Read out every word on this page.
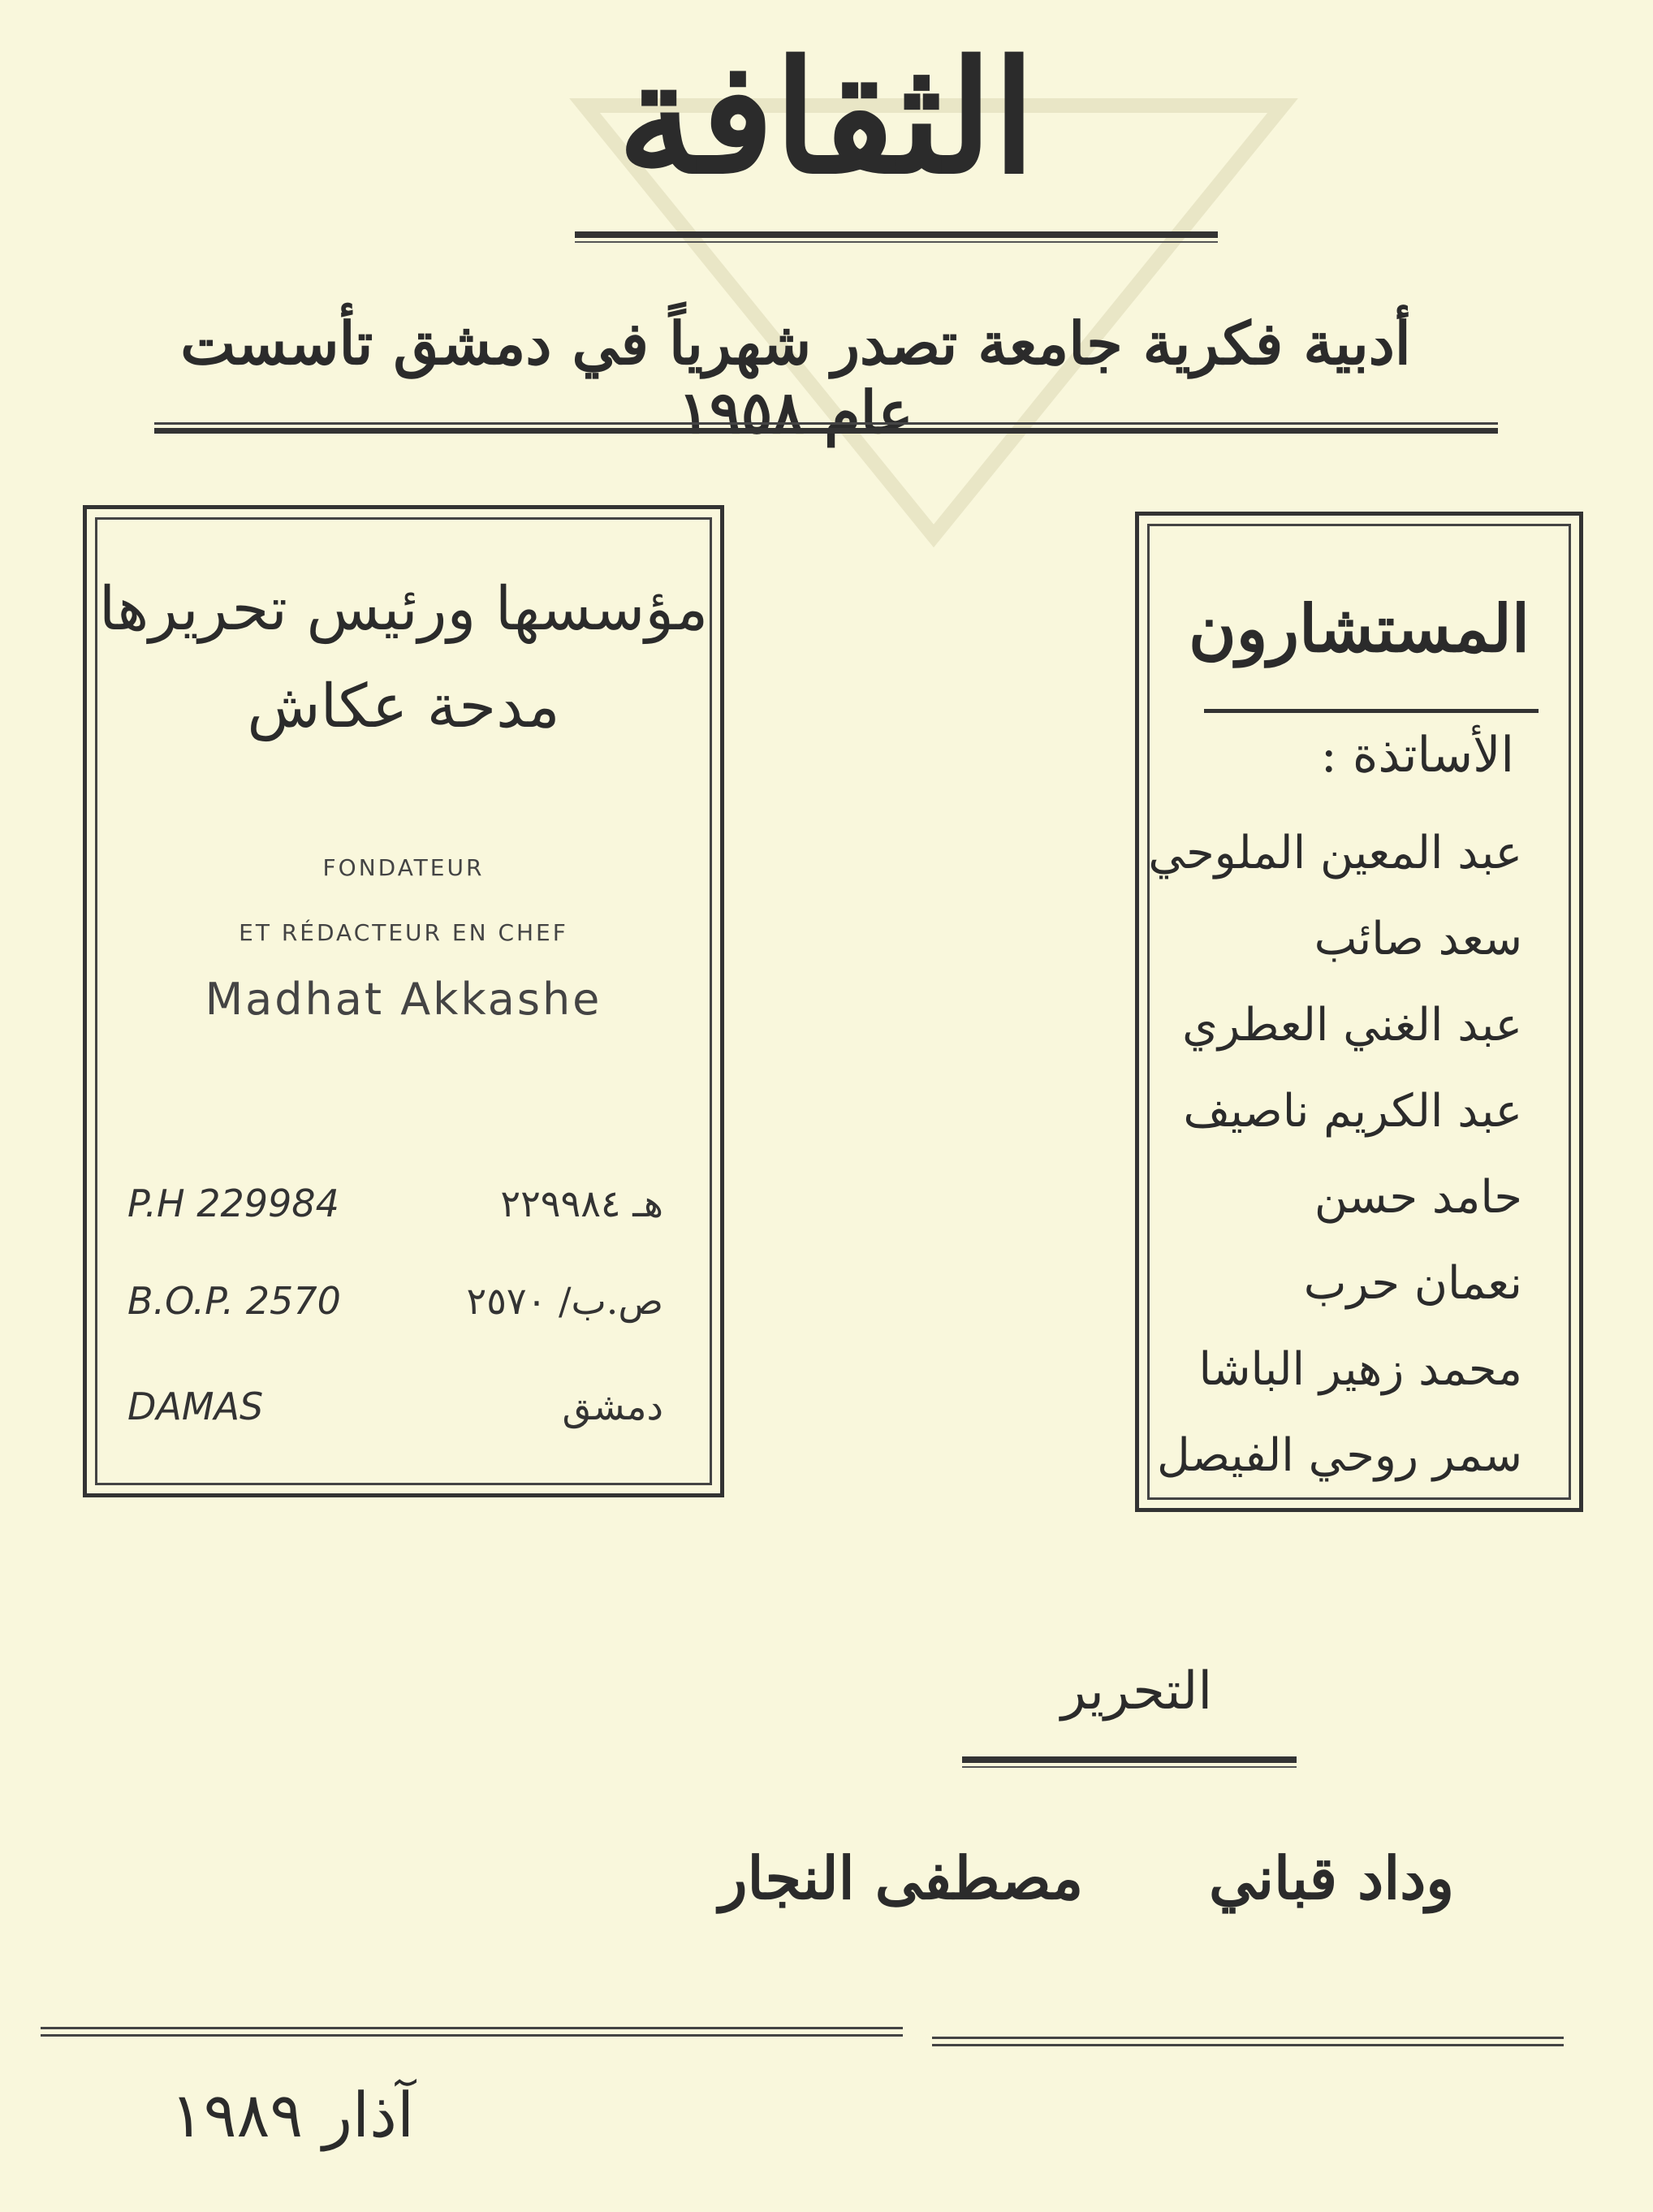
الثقافة
أدبية فكرية جامعة تصدر شهرياً في دمشق تأسست عام ١٩٥٨
مؤسسها ورئيس تحريرها
مدحة عكاش
FONDATEUR
ET RÉDACTEUR EN CHEF
Madhat Akkashe
P.H 229984	هـ ٢٢٩٩٨٤
B.O.P. 2570	ص.ب/ ٢٥٧٠
DAMAS	دمشق
المستشارون
الأساتذة :
عبد المعين الملوحي
سعد صائب
عبد الغني العطري
عبد الكريم ناصيف
حامد حسن
نعمان حرب
محمد زهير الباشا
سمر روحي الفيصل
التحرير
وداد قباني
مصطفى النجار
آذار ١٩٨٩
